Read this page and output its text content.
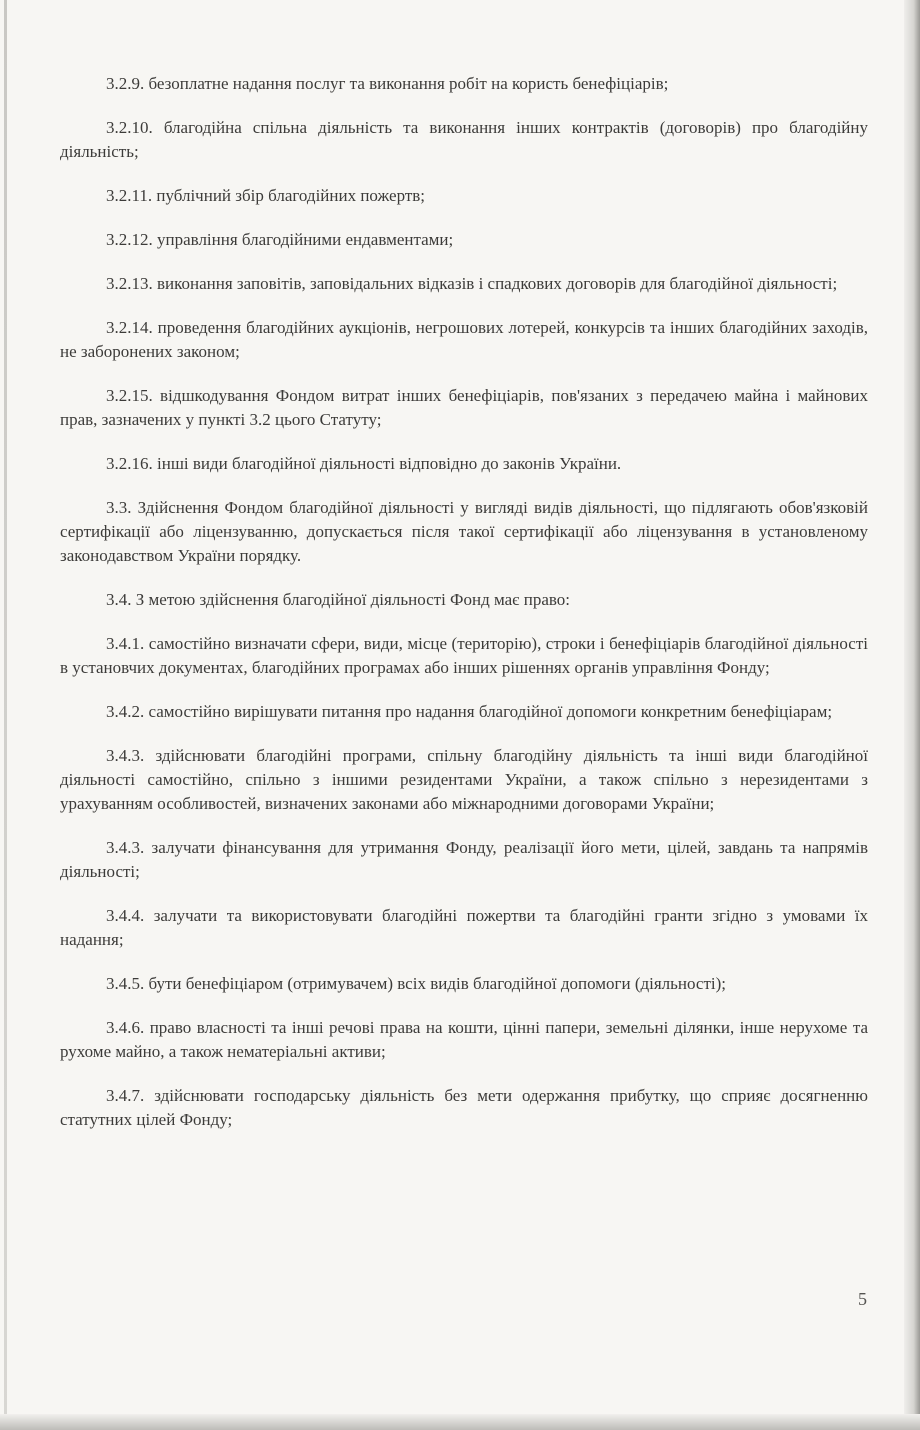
3.2.9. безоплатне надання послуг та виконання робіт на користь бенефіціарів;

3.2.10. благодійна спільна діяльність та виконання інших контрактів (договорів) про благодійну діяльність;

3.2.11. публічний збір благодійних пожертв;

3.2.12. управління благодійними ендавментами;

3.2.13. виконання заповітів, заповідальних відказів і спадкових договорів для благодійної діяльності;

3.2.14. проведення благодійних аукціонів, негрошових лотерей, конкурсів та інших благодійних заходів, не заборонених законом;

3.2.15. відшкодування Фондом витрат інших бенефіціарів, пов'язаних з передачею майна і майнових прав, зазначених у пункті 3.2 цього Статуту;

3.2.16. інші види благодійної діяльності відповідно до законів України.

3.3. Здійснення Фондом благодійної діяльності у вигляді видів діяльності, що підлягають обов'язковій сертифікації або ліцензуванню, допускається після такої сертифікації або ліцензування в установленому законодавством України порядку.

3.4. З метою здійснення благодійної діяльності Фонд має право:

3.4.1. самостійно визначати сфери, види, місце (територію), строки і бенефіціарів благодійної діяльності в установчих документах, благодійних програмах або інших рішеннях органів управління Фонду;

3.4.2. самостійно вирішувати питання про надання благодійної допомоги конкретним бенефіціарам;

3.4.3. здійснювати благодійні програми, спільну благодійну діяльність та інші види благодійної діяльності самостійно, спільно з іншими резидентами України, а також спільно з нерезидентами з урахуванням особливостей, визначених законами або міжнародними договорами України;

3.4.3. залучати фінансування для утримання Фонду, реалізації його мети, цілей, завдань та напрямів діяльності;

3.4.4. залучати та використовувати благодійні пожертви та благодійні гранти згідно з умовами їх надання;

3.4.5. бути бенефіціаром (отримувачем) всіх видів благодійної допомоги (діяльності);

3.4.6. право власності та інші речові права на кошти, цінні папери, земельні ділянки, інше нерухоме та рухоме майно, а також нематеріальні активи;

3.4.7. здійснювати господарську діяльність без мети одержання прибутку, що сприяє досягненню статутних цілей Фонду;

5
